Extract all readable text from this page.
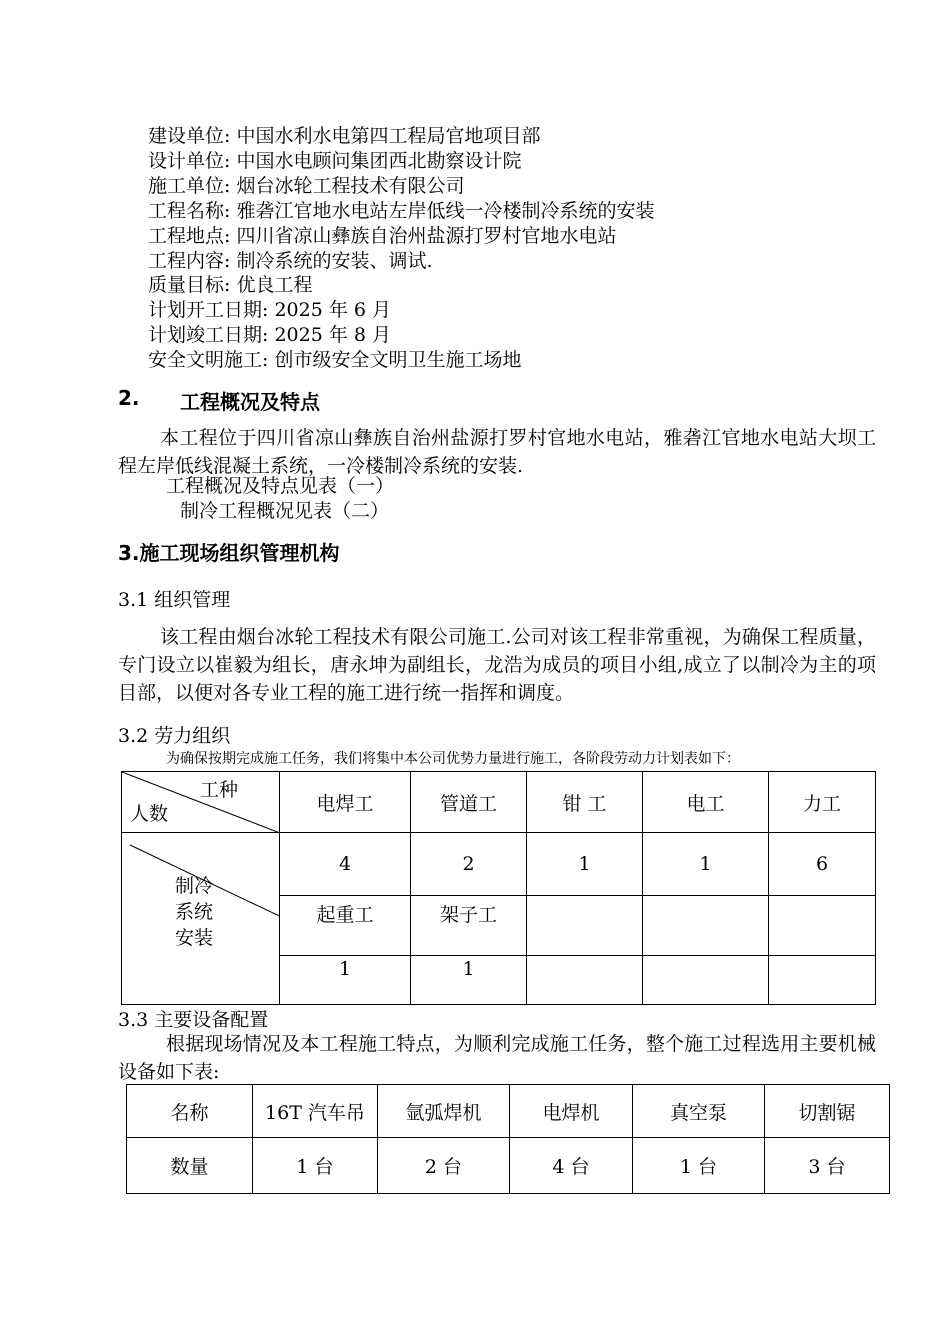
建设单位: 中国水利水电第四工程局官地项目部
设计单位: 中国水电顾问集团西北勘察设计院
施工单位: 烟台冰轮工程技术有限公司
工程名称: 雅砻江官地水电站左岸低线一冷楼制冷系统的安装
工程地点: 四川省凉山彝族自治州盐源打罗村官地水电站
工程内容: 制冷系统的安装、调试.
质量目标: 优良工程
计划开工日期: 2025 年 6 月
计划竣工日期: 2025 年 8 月
安全文明施工: 创市级安全文明卫生施工场地
2. 工程概况及特点
本工程位于四川省凉山彝族自治州盐源打罗村官地水电站，雅砻江官地水电站大坝工程左岸低线混凝土系统，一冷楼制冷系统的安装.
工程概况及特点见表（一）
制冷工程概况见表（二）
3.施工现场组织管理机构
3.1 组织管理
该工程由烟台冰轮工程技术有限公司施工.公司对该工程非常重视，为确保工程质量，专门设立以崔毅为组长，唐永坤为副组长，龙浩为成员的项目小组,成立了以制冷为主的项目部，以便对各专业工程的施工进行统一指挥和调度。
3.2 劳力组织
为确保按期完成施工任务，我们将集中本公司优势力量进行施工，各阶段劳动力计划表如下：
工种
人数	电焊工	管道工	钳 工	电工	力工

制冷
系统
安装	4	2	1	1	6
	起重工	架子工			
	1	1			
3.3 主要设备配置
根据现场情况及本工程施工特点，为顺利完成施工任务，整个施工过程选用主要机械设备如下表:
名称	16T 汽车吊	氩弧焊机	电焊机	真空泵	切割锯
数量	1 台	2 台	4 台	1 台	3 台
